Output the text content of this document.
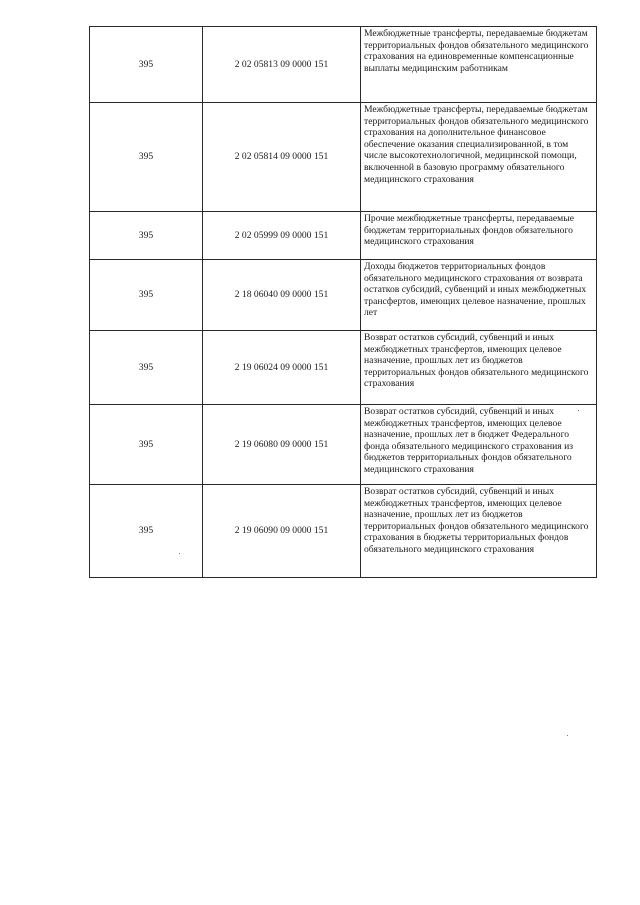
395	2 02 05813 09 0000 151	Межбюджетные трансферты, передаваемые бюджетам территориальных фондов обязательного медицинского страхования на единовременные компенсационные выплаты медицинским работникам
395	2 02 05814 09 0000 151	Межбюджетные трансферты, передаваемые бюджетам территориальных фондов обязательного медицинского страхования на дополнительное финансовое обеспечение оказания специализированной, в том числе высокотехнологичной, медицинской помощи, включенной в базовую программу обязательного медицинского страхования
395	2 02 05999 09 0000 151	Прочие межбюджетные трансферты, передаваемые бюджетам территориальных фондов обязательного медицинского страхования
395	2 18 06040 09 0000 151	Доходы бюджетов территориальных фондов обязательного медицинского страхования от возврата остатков субсидий, субвенций и иных межбюджетных трансфертов, имеющих целевое назначение, прошлых лет
395	2 19 06024 09 0000 151	Возврат остатков субсидий, субвенций и иных межбюджетных трансфертов, имеющих целевое назначение, прошлых лет из бюджетов территориальных фондов обязательного медицинского страхования
395	2 19 06080 09 0000 151	Возврат остатков субсидий, субвенций и иных межбюджетных трансфертов, имеющих целевое назначение, прошлых лет в бюджет Федерального фонда обязательного медицинского страхования из бюджетов территориальных фондов обязательного медицинского страхования
395	2 19 06090 09 0000 151	Возврат остатков субсидий, субвенций и иных межбюджетных трансфертов, имеющих целевое назначение, прошлых лет из бюджетов территориальных фондов обязательного медицинского страхования в бюджеты территориальных фондов обязательного медицинского страхования
